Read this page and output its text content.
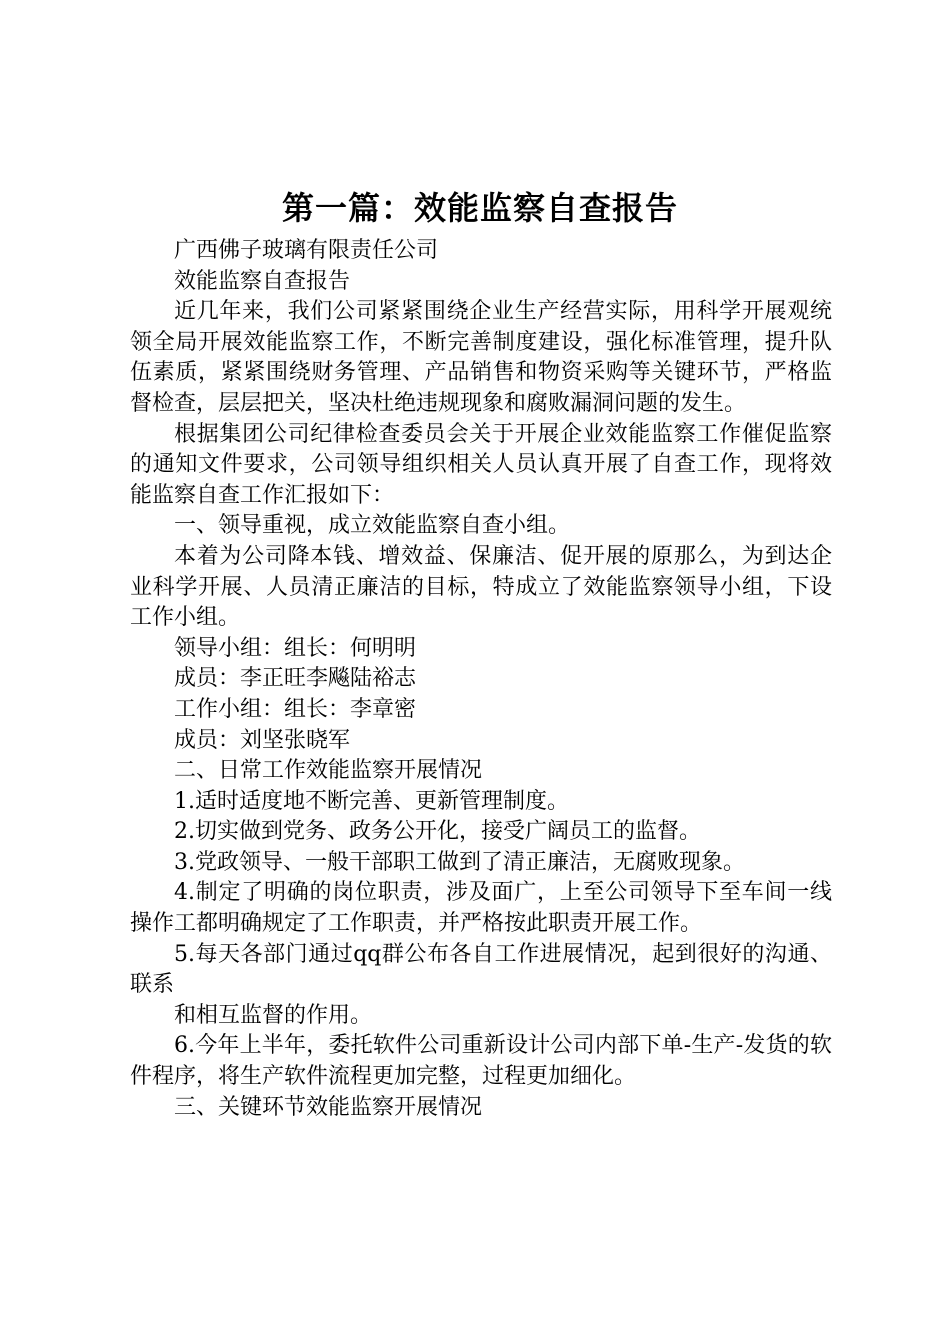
第一篇：效能监察自查报告

广西佛子玻璃有限责任公司

效能监察自查报告

近几年来，我们公司紧紧围绕企业生产经营实际，用科学开展观统领全局开展效能监察工作，不断完善制度建设，强化标准管理，提升队伍素质，紧紧围绕财务管理、产品销售和物资采购等关键环节，严格监督检查，层层把关，坚决杜绝违规现象和腐败漏洞问题的发生。

根据集团公司纪律检查委员会关于开展企业效能监察工作催促监察的通知文件要求，公司领导组织相关人员认真开展了自查工作，现将效能监察自查工作汇报如下：

一、领导重视，成立效能监察自查小组。

本着为公司降本钱、增效益、保廉洁、促开展的原那么，为到达企业科学开展、人员清正廉洁的目标，特成立了效能监察领导小组，下设工作小组。

领导小组：组长：何明明

成员：李正旺李飚陆裕志

工作小组：组长：李章密

成员：刘坚张晓军

二、日常工作效能监察开展情况

1.适时适度地不断完善、更新管理制度。

2.切实做到党务、政务公开化，接受广阔员工的监督。

3.党政领导、一般干部职工做到了清正廉洁，无腐败现象。

4.制定了明确的岗位职责，涉及面广，上至公司领导下至车间一线操作工都明确规定了工作职责，并严格按此职责开展工作。

5.每天各部门通过qq群公布各自工作进展情况，起到很好的沟通、联系

和相互监督的作用。

6.今年上半年，委托软件公司重新设计公司内部下单-生产-发货的软件程序，将生产软件流程更加完整，过程更加细化。

三、关键环节效能监察开展情况
